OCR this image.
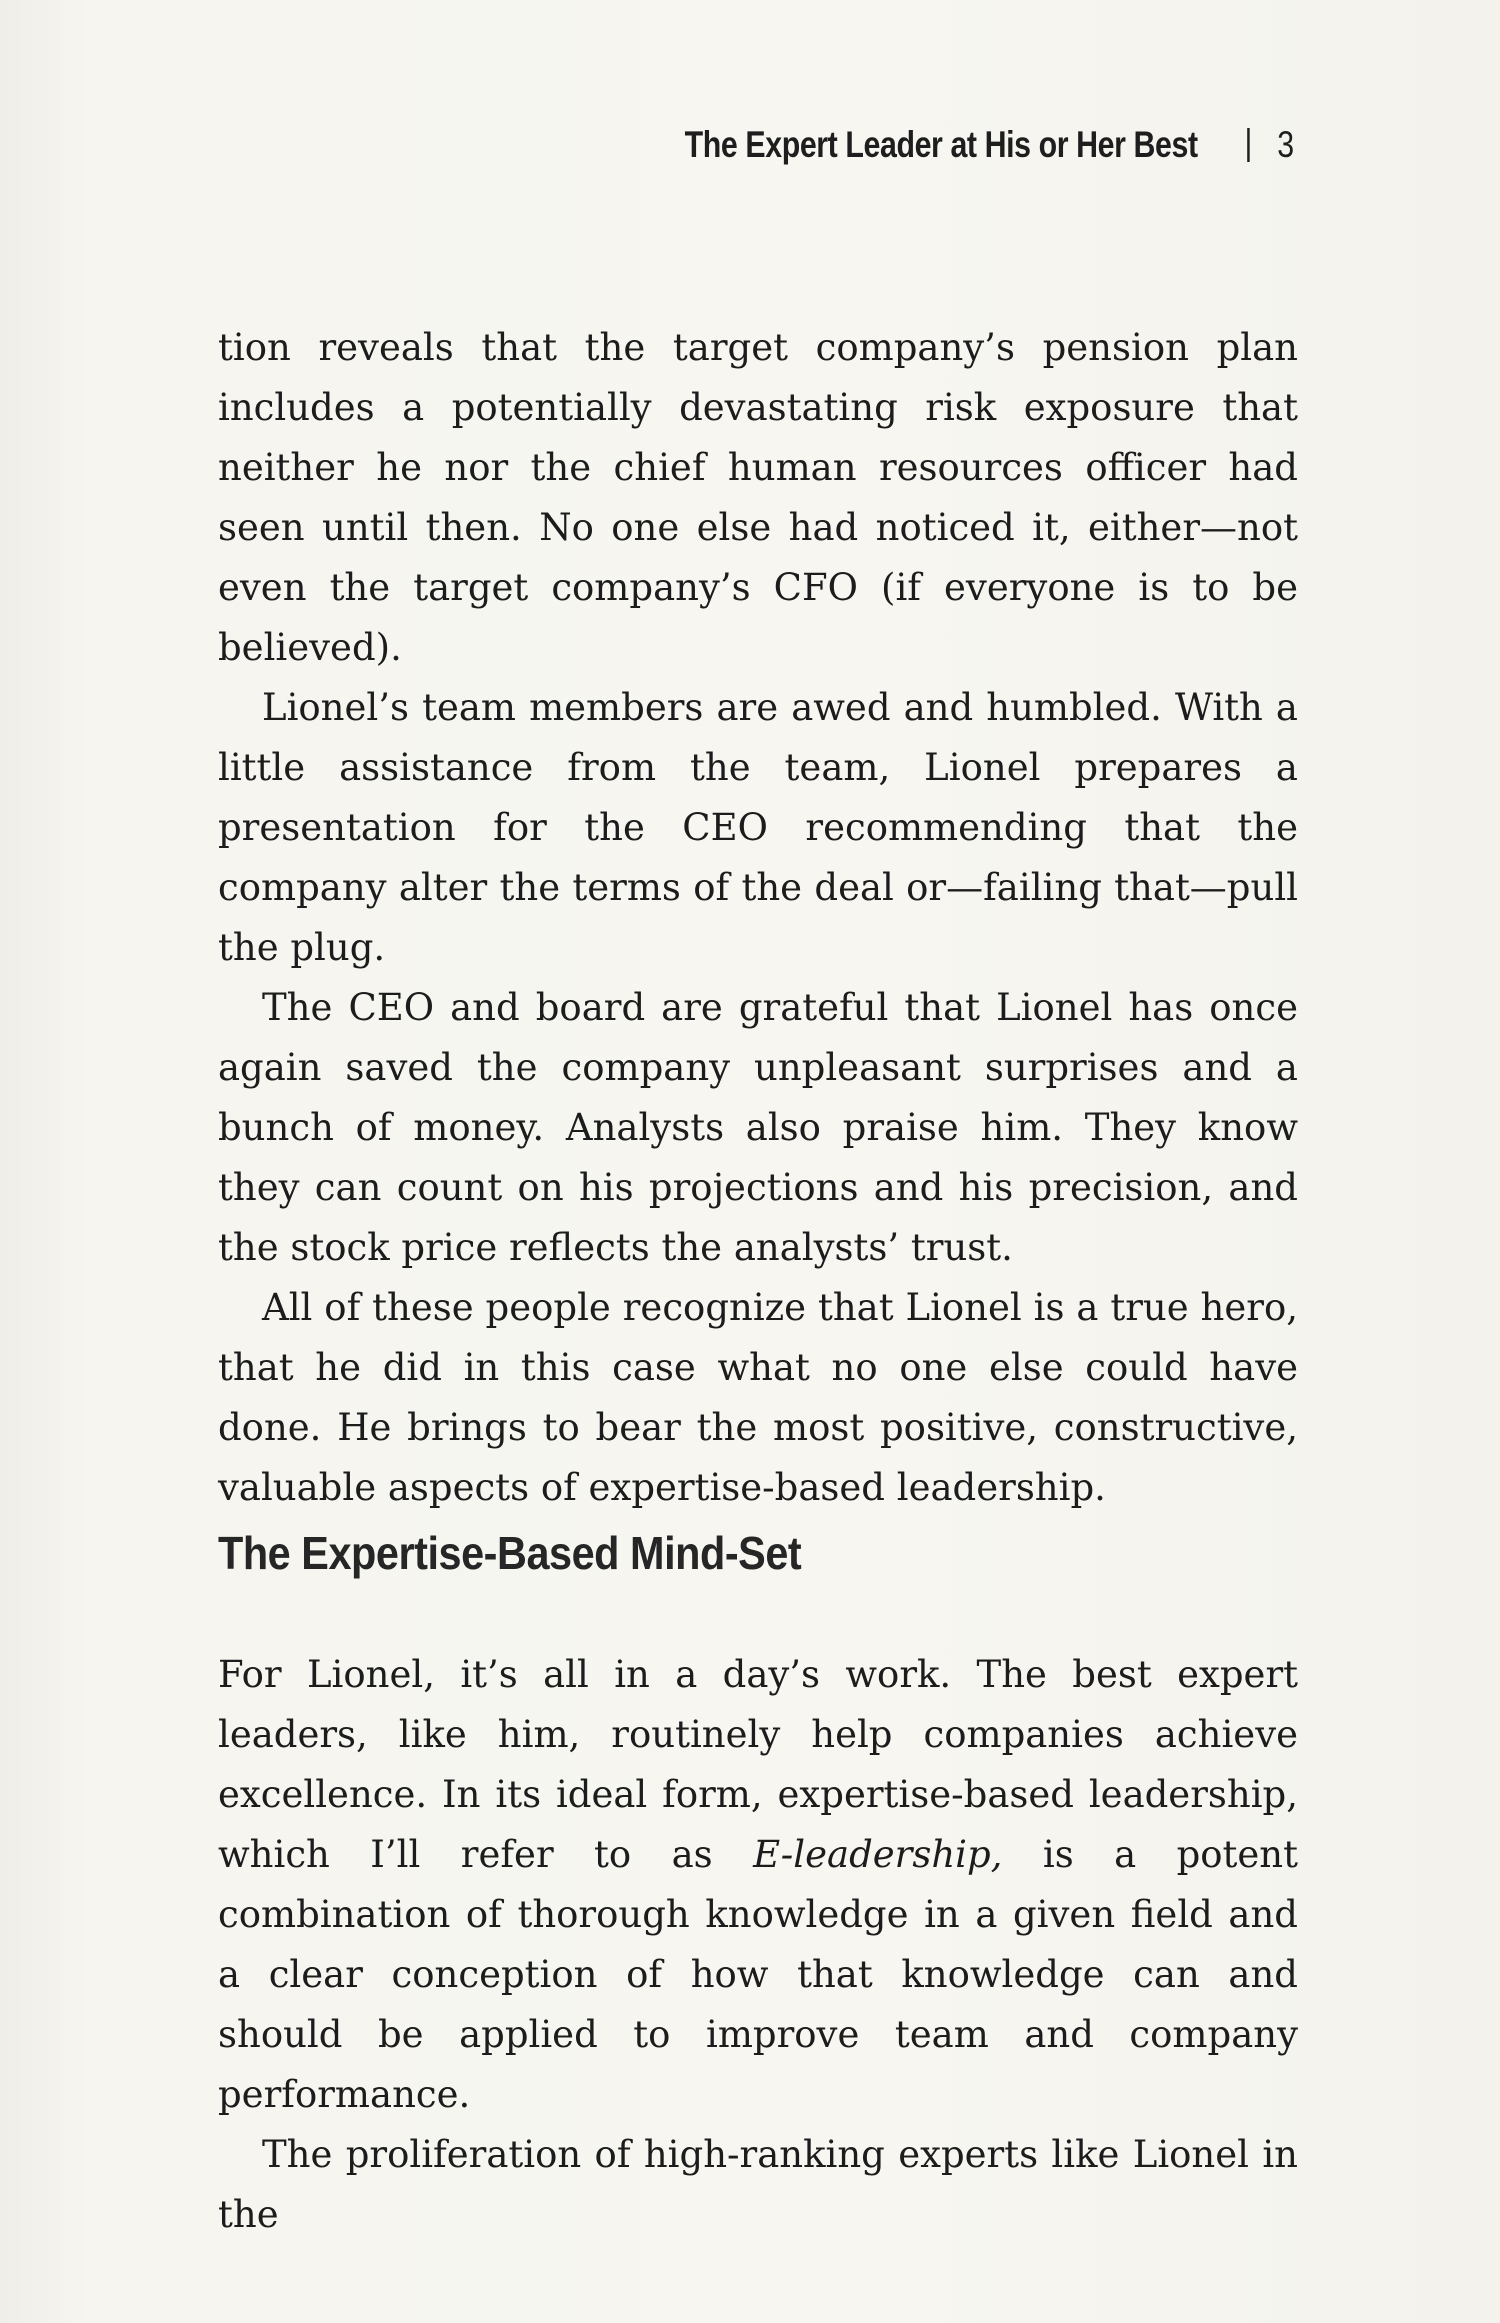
The Expert Leader at His or Her Best 3

tion reveals that the target company’s pension plan includes a potentially devastating risk exposure that neither he nor the chief human resources officer had seen until then. No one else had noticed it, either—not even the target company’s CFO (if everyone is to be believed).

Lionel’s team members are awed and humbled. With a little assistance from the team, Lionel prepares a presentation for the CEO recommending that the company alter the terms of the deal or—failing that—pull the plug.

The CEO and board are grateful that Lionel has once again saved the company unpleasant surprises and a bunch of money. Analysts also praise him. They know they can count on his projections and his precision, and the stock price reflects the analysts’ trust.

All of these people recognize that Lionel is a true hero, that he did in this case what no one else could have done. He brings to bear the most positive, constructive, valuable aspects of expertise-based leadership.

The Expertise-Based Mind-Set

For Lionel, it’s all in a day’s work. The best expert leaders, like him, routinely help companies achieve excellence. In its ideal form, expertise-based leadership, which I’ll refer to as E-leadership, is a potent combination of thorough knowledge in a given field and a clear conception of how that knowledge can and should be applied to improve team and company performance.

The proliferation of high-ranking experts like Lionel in the
